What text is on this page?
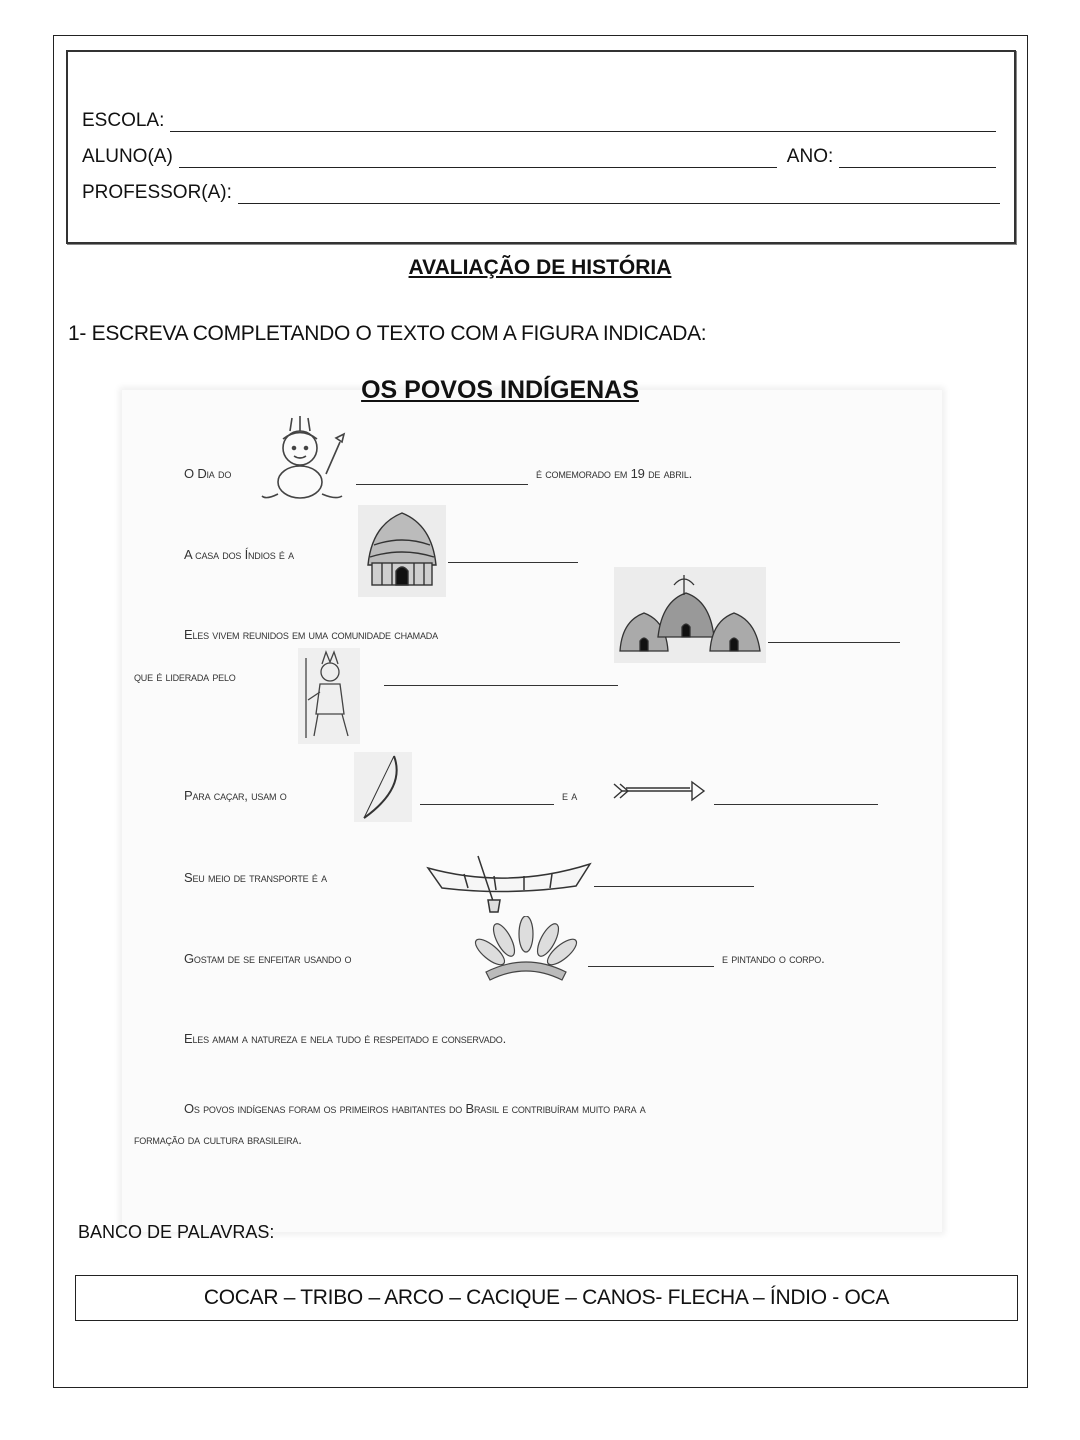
ESCOLA:
ALUNO(A)	ANO:
PROFESSOR(A):
AVALIAÇÃO DE HISTÓRIA
1- ESCREVA COMPLETANDO O TEXTO COM A FIGURA INDICADA:
OS POVOS INDÍGENAS
O Dia do	é comemorado em 19 de abril.
A casa dos Índios é a
Eles vivem reunidos em uma comunidade chamada
que é liderada pelo
Para caçar, usam o	e a
Seu meio de transporte é a
Gostam de se enfeitar usando o	e pintando o corpo.
Eles amam a natureza e nela tudo é respeitado e conservado.
Os povos indígenas foram os primeiros habitantes do Brasil e contribuíram muito para a
formação da cultura brasileira.
BANCO DE PALAVRAS:
COCAR – TRIBO – ARCO – CACIQUE – CANOS- FLECHA – ÍNDIO - OCA
